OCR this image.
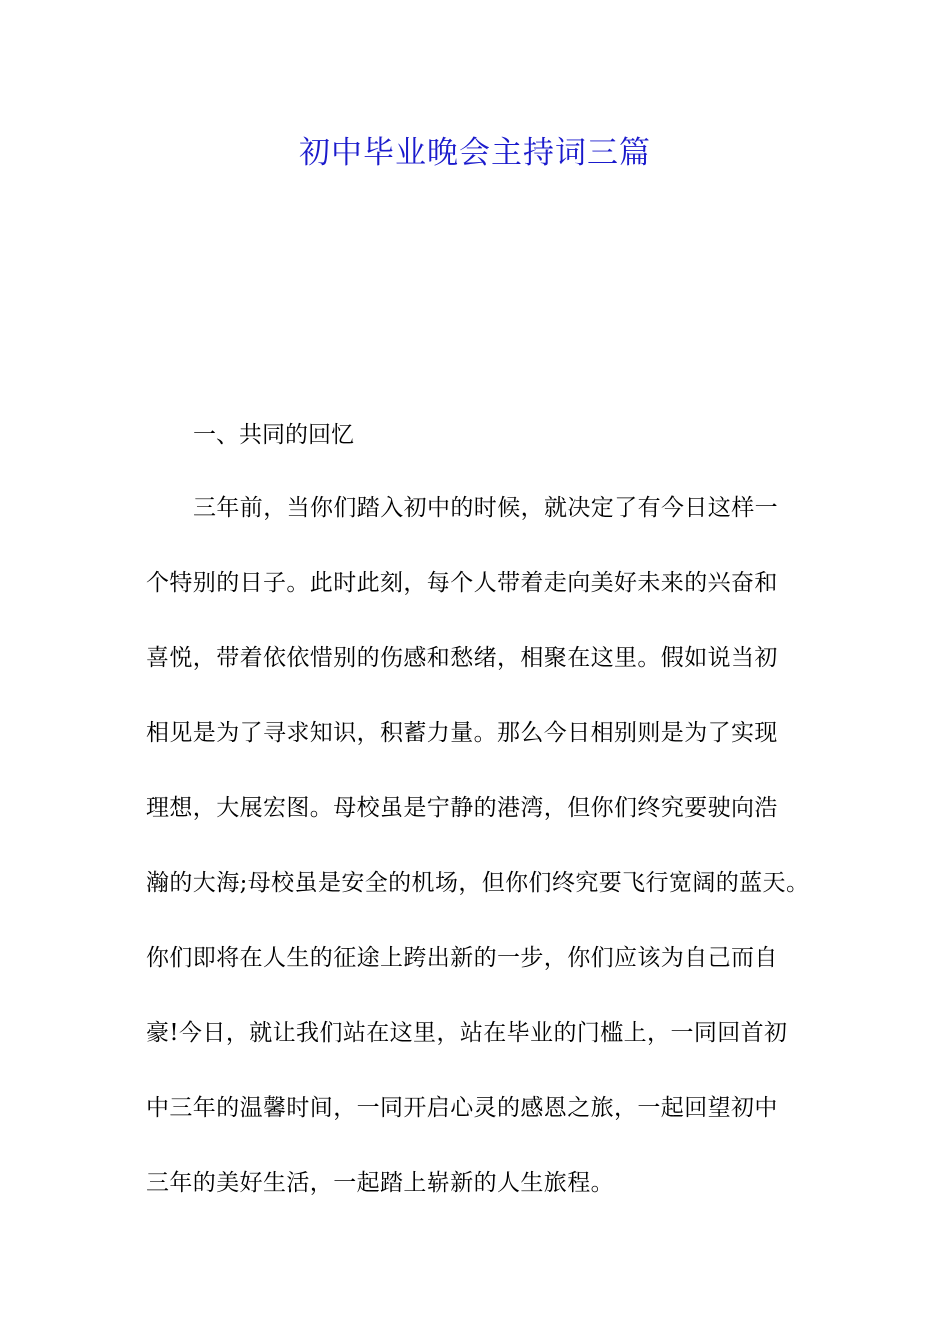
初中毕业晚会主持词三篇
一、共同的回忆
三年前，当你们踏入初中的时候，就决定了有今日这样一
个特别的日子。此时此刻，每个人带着走向美好未来的兴奋和
喜悦，带着依依惜别的伤感和愁绪，相聚在这里。假如说当初
相见是为了寻求知识，积蓄力量。那么今日相别则是为了实现
理想，大展宏图。母校虽是宁静的港湾，但你们终究要驶向浩
瀚的大海;母校虽是安全的机场，但你们终究要飞行宽阔的蓝天。
你们即将在人生的征途上跨出新的一步，你们应该为自己而自
豪!今日，就让我们站在这里，站在毕业的门槛上，一同回首初
中三年的温馨时间，一同开启心灵的感恩之旅，一起回望初中
三年的美好生活，一起踏上崭新的人生旅程。
